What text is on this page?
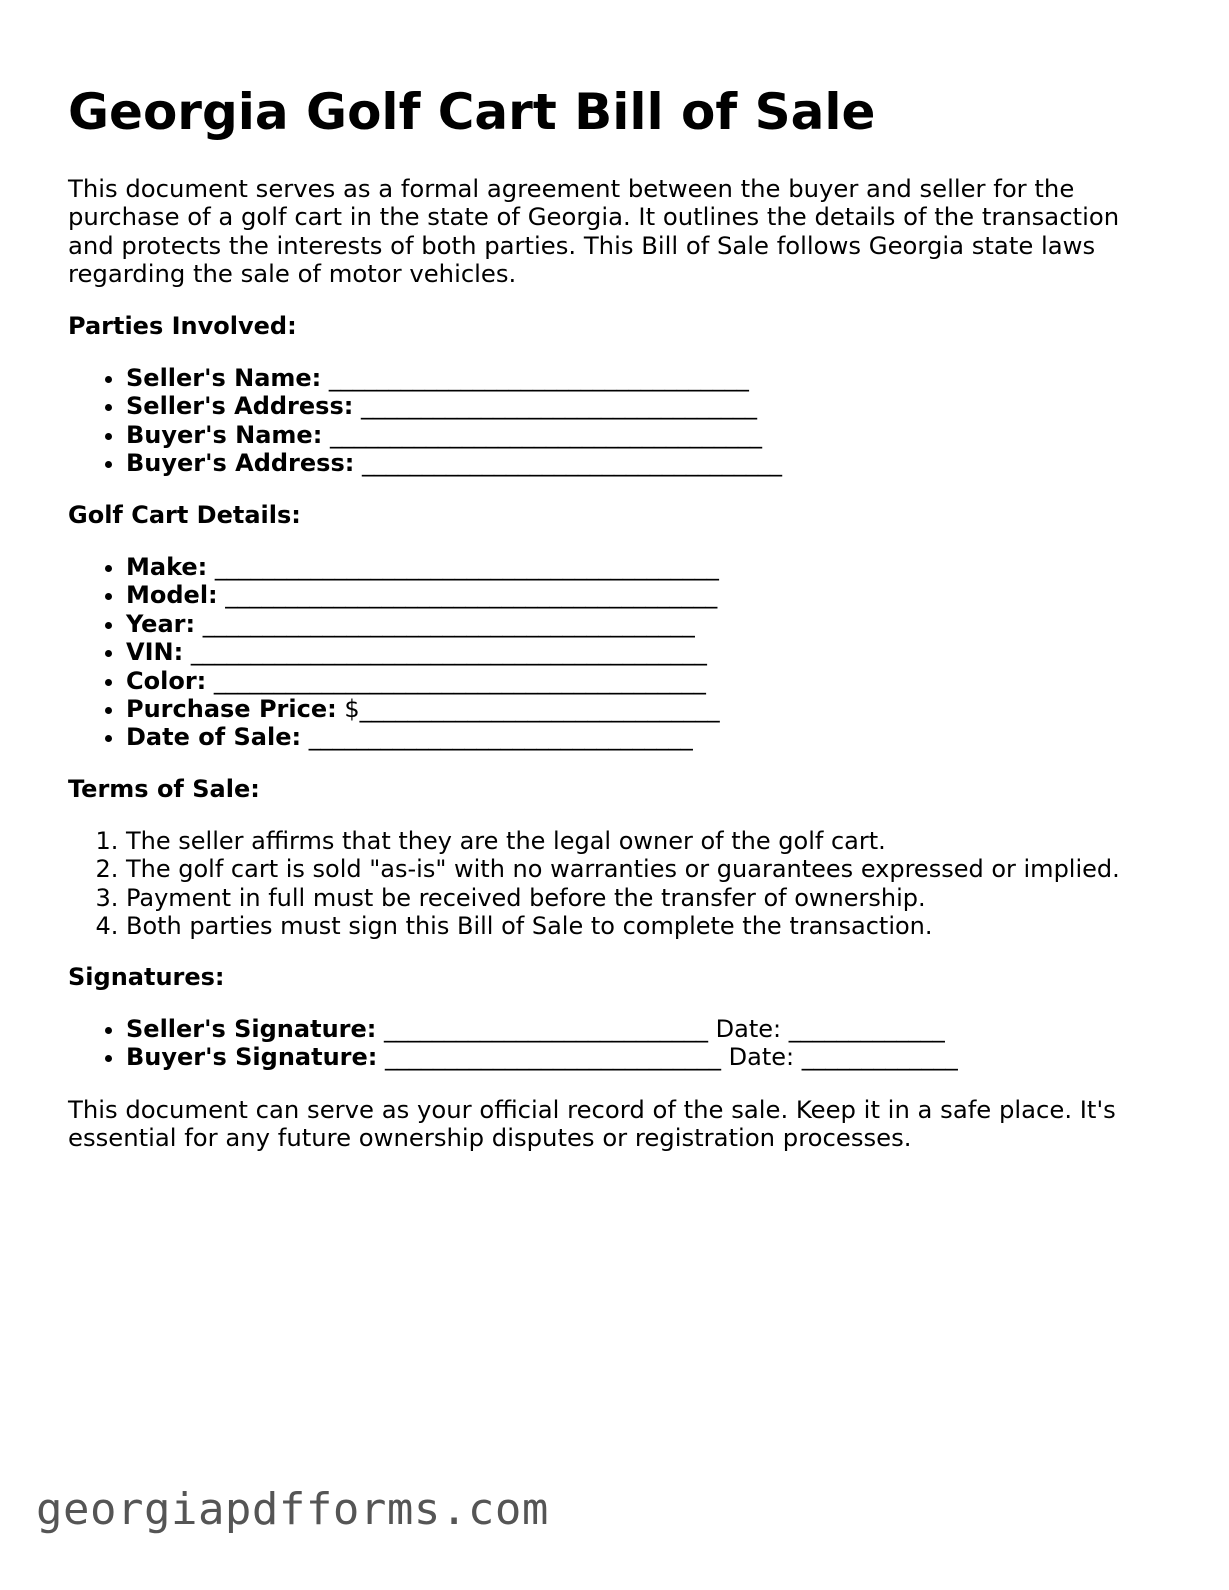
Georgia Golf Cart Bill of Sale

This document serves as a formal agreement between the buyer and seller for the purchase of a golf cart in the state of Georgia. It outlines the details of the transaction and protects the interests of both parties. This Bill of Sale follows Georgia state laws regarding the sale of motor vehicles.

Parties Involved:

• Seller's Name: ___________________________________
• Seller's Address: _________________________________
• Buyer's Name: ____________________________________
• Buyer's Address: ___________________________________

Golf Cart Details:

• Make: __________________________________________
• Model: _________________________________________
• Year: _________________________________________
• VIN: ___________________________________________
• Color: _________________________________________
• Purchase Price: $______________________________
• Date of Sale: ________________________________

Terms of Sale:

1. The seller affirms that they are the legal owner of the golf cart.
2. The golf cart is sold "as-is" with no warranties or guarantees expressed or implied.
3. Payment in full must be received before the transfer of ownership.
4. Both parties must sign this Bill of Sale to complete the transaction.

Signatures:

• Seller's Signature: ___________________________ Date: _____________
• Buyer's Signature: ____________________________ Date: _____________

This document can serve as your official record of the sale. Keep it in a safe place. It's essential for any future ownership disputes or registration processes.

georgiapdfforms.com
